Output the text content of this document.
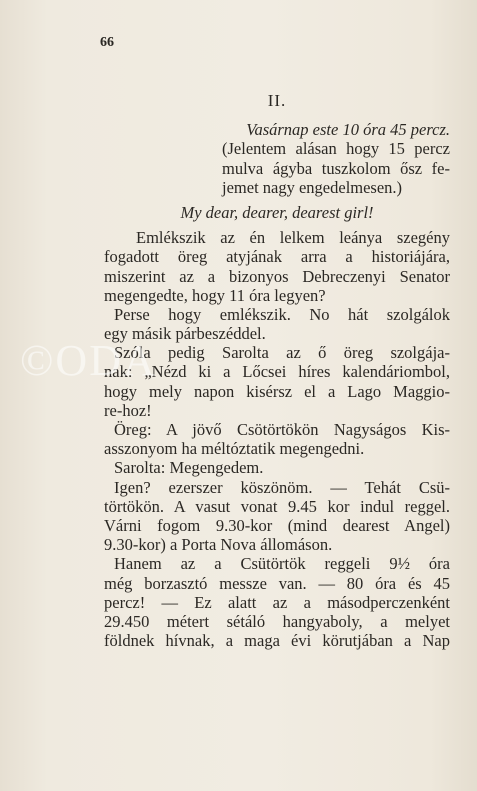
66
II.
Vasárnap este 10 óra 45 percz.
(Jelentem alásan hogy 15 percz
mulva ágyba tuszkolom ősz fe-
jemet nagy engedelmesen.)
My dear, dearer, dearest girl!
Emlékszik az én lelkem leánya szegény
fogadott öreg atyjának arra a historiájára,
miszerint az a bizonyos Debreczenyi Senator
megengedte, hogy 11 óra legyen?
Perse hogy emlékszik. No hát szolgálok
egy másik párbeszéddel.
Szóla pedig Sarolta az ő öreg szolgája-
nak: „Nézd ki a Lőcsei híres kalendáriombol,
hogy mely napon kisérsz el a Lago Maggio-
re-hoz!
Öreg: A jövő Csötörtökön Nagyságos Kis-
asszonyom ha méltóztatik megengedni.
Sarolta: Megengedem.
Igen? ezerszer köszönöm. — Tehát Csü-
törtökön. A vasut vonat 9.45 kor indul reggel.
Várni fogom 9.30-kor (mind dearest Angel)
9.30-kor) a Porta Nova állomáson.
Hanem az a Csütörtök reggeli 9½ óra
még borzasztó messze van. — 80 óra és 45
percz! — Ez alatt az a másodperczenként
29.450 métert sétáló hangyaboly, a melyet
földnek hívnak, a maga évi körutjában a Nap
©ODA
